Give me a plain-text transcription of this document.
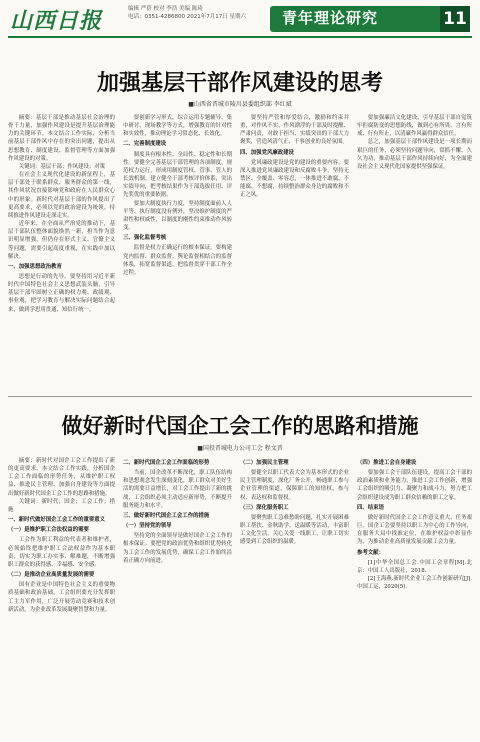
山西日报	编辑 严蓓 校对 李浩 美编 陈琦
电话：0351-4286800 2021年7月17日 星期六 青年理论研究	11
加强基层干部作风建设的思考
■山西省晋城市陵川县委组织部 李红斌

摘要：基层干部是推动基层社会治理的骨干力量，加强作风建设是提升基层治理能力的关键环节。本文结合工作实际，分析当前基层干部作风中存在的突出问题，提出从思想教育、制度建设、监督管理等方面加强作风建设的对策。

关键词：基层干部；作风建设；对策

在社会主义现代化建设的新征程上，基层干部处于联系群众、服务群众的第一线，其作风状况直接影响党和政府在人民群众心中的形象。新时代对基层干部的作风提出了更高要求，必须以党的政治建设为统领，持续推进作风建设走深走实。

近年来，在全面从严治党的推动下，基层干部队伍整体面貌焕然一新，担当作为意识明显增强，但仍存在形式主义、官僚主义等问题，需要引起高度重视，在实践中加以解决。

一、加强思想政治教育

思想是行动的先导。要坚持用习近平新时代中国特色社会主义思想武装头脑，引导基层干部牢固树立正确的权力观、政绩观、事业观，把学习教育与解决实际问题结合起来，做到学思用贯通、知信行统一。

要创新学习形式，综合运用专题辅导、集中研讨、现场教学等方式，增强教育的针对性和实效性，推动理论学习常态化、长效化。

二、完善制度建设

制度具有根本性、全局性、稳定性和长期性。要健全完善基层干部管理的各项制度，规范权力运行，形成用制度管权、管事、管人的长效机制。建立健全干部考核评价体系，突出实绩导向，把考核结果作为干部选拔任用、评先奖优的重要依据。

要加大制度执行力度，坚持制度面前人人平等、执行制度没有例外，坚决维护制度的严肃性和权威性，以制度的刚性约束推动作风转变。

三、强化监督考核

监督是权力正确运行的根本保证。要构建党内监督、群众监督、舆论监督相结合的监督体系，拓宽监督渠道，把监督贯穿干部工作全过程。

要坚持严管和厚爱结合，激励和约束并重，对作风不实、作风漂浮的干部及时提醒、严肃问责，对敢于担当、实绩突出的干部大力褒奖，营造风清气正、干事创业的良好氛围。

四、加强党风廉政建设

党风廉政建设是党的建设的重要内容。要深入推进党风廉政建设和反腐败斗争，坚持无禁区、全覆盖、零容忍，一体推进不敢腐、不能腐、不想腐，持续整治群众身边的腐败和不正之风。

要加强廉洁文化建设，引导基层干部自觉筑牢拒腐防变的思想防线，做到心有所畏、言有所戒、行有所止，以清廉作风赢得群众信任。

总之，加强基层干部作风建设是一项长期而艰巨的任务，必须坚持问题导向，常抓不懈、久久为功，推动基层干部作风持续向好，为全面建设社会主义现代化国家提供坚强保证。

做好新时代国企工会工作的思路和措施
■国投晋城电力公司工会 程文晋

摘要：新时代对国企工会工作提出了新的更高要求，本文结合工作实践，分析国企工会工作面临的形势任务，从维护职工权益、推进民主管理、加强自身建设等方面提出做好新时代国企工会工作的思路和措施。

关键词：新时代；国企；工会工作；措施

一、新时代做好国企工会工作的重要意义

（一）是维护职工合法权益的需要

工会作为职工利益的代表者和维护者，必须始终把维护职工合法权益作为基本职责，切实为职工办实事、解难题，不断增强职工群众的获得感、幸福感、安全感。

（二）是推动企业高质量发展的需要

国有企业是中国特色社会主义的重要物质基础和政治基础。工会组织要充分发挥职工主力军作用，广泛开展劳动竞赛和技术创新活动，为企业改革发展凝聚智慧和力量。

二、新时代国企工会工作面临的形势

当前，国企改革不断深化，职工队伍结构和思想观念发生深刻变化，职工群众对美好生活的需要日益增长，对工会工作提出了新的挑战，工会组织必须主动适应新形势，不断提升服务能力和水平。

三、做好新时代国企工会工作的措施

（一）坚持党的领导

坚持党的全面领导是做好国企工会工作的根本保证。要把党的政治优势和组织优势转化为工会工作的发展优势，确保工会工作始终沿着正确方向前进。

（二）加强民主管理

要健全以职工代表大会为基本形式的企业民主管理制度，深化厂务公开，畅通职工参与企业管理的渠道，保障职工的知情权、参与权、表达权和监督权。

（三）深化服务职工

要聚焦职工急难愁盼问题，扎实开展困难职工帮扶、金秋助学、送温暖等活动，丰富职工文化生活，关心关爱一线职工，让职工切实感受到工会组织的温暖。

（四）推进工会自身建设

要加强工会干部队伍建设，提高工会干部的政治素质和业务能力，推进工会工作创新，增强工会组织的吸引力、凝聚力和战斗力，努力把工会组织建设成为职工群众信赖的职工之家。

四、结束语

做好新时代国企工会工作意义重大、任务艰巨。国企工会要坚持以职工为中心的工作导向，在服务大局中找准定位，在维护权益中彰显作为，为推动企业高质量发展贡献工会力量。

参考文献：

[1]中华全国总工会.中国工会章程[M].北京：中国工人出版社，2018.

[2]王海燕.新时代企业工会工作创新研究[J].中国工运，2020(5).
